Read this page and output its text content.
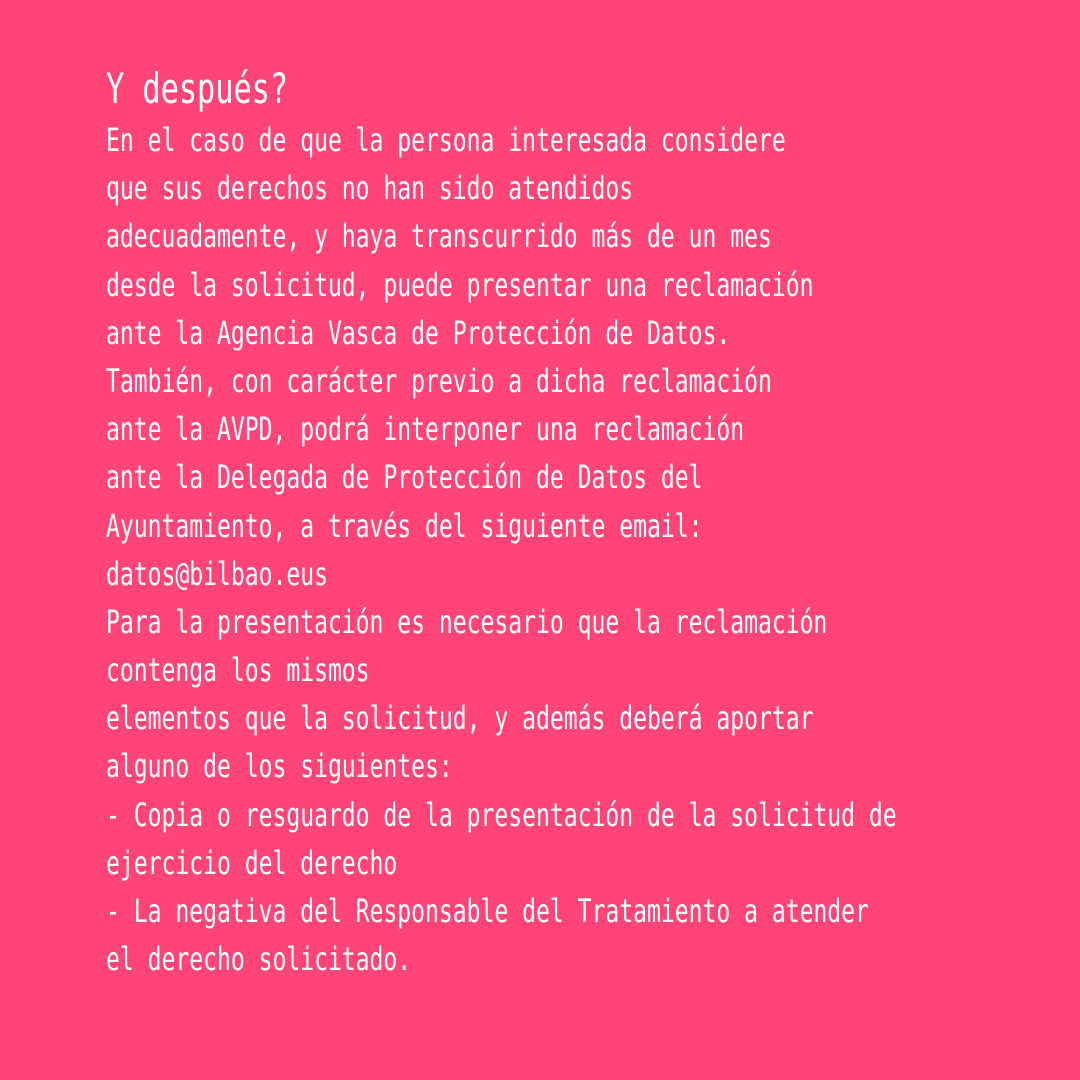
Y después?
En el caso de que la persona interesada considere
que sus derechos no han sido atendidos
adecuadamente, y haya transcurrido más de un mes
desde la solicitud, puede presentar una reclamación
ante la Agencia Vasca de Protección de Datos.
También, con carácter previo a dicha reclamación
ante la AVPD, podrá interponer una reclamación
ante la Delegada de Protección de Datos del
Ayuntamiento, a través del siguiente email:
datos@bilbao.eus
Para la presentación es necesario que la reclamación
contenga los mismos
elementos que la solicitud, y además deberá aportar
alguno de los siguientes:
- Copia o resguardo de la presentación de la solicitud de
ejercicio del derecho
- La negativa del Responsable del Tratamiento a atender
el derecho solicitado.
